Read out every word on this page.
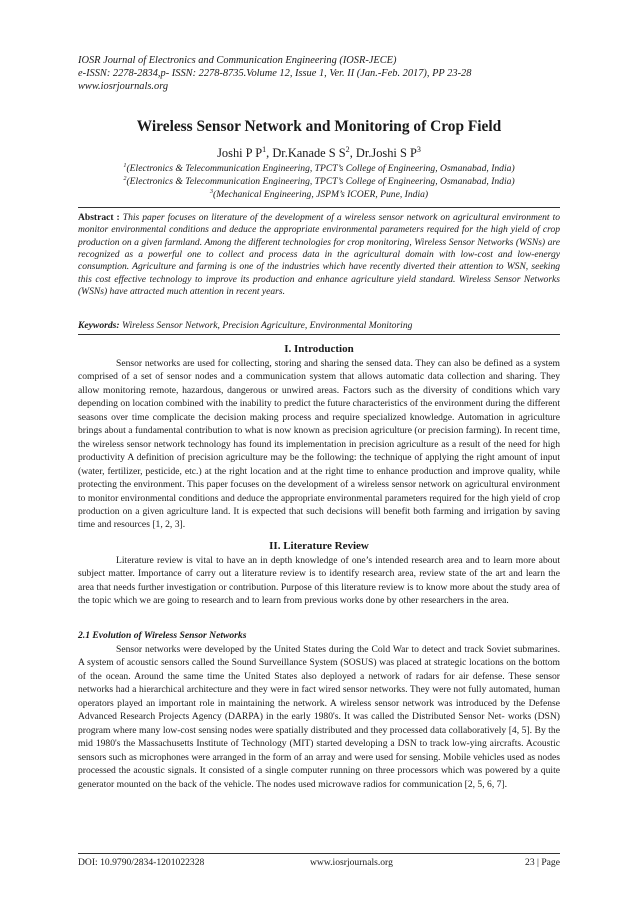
IOSR Journal of Electronics and Communication Engineering (IOSR-JECE)
e-ISSN: 2278-2834,p- ISSN: 2278-8735.Volume 12, Issue 1, Ver. II (Jan.-Feb. 2017), PP 23-28
www.iosrjournals.org
Wireless Sensor Network and Monitoring of Crop Field
Joshi P $P^1$, Dr.Kanade S $S^2$, Dr.Joshi S $P^3$
$^1$(Electronics & Telecommunication Engineering, TPCT’s College of Engineering, Osmanabad, India)
$^2$(Electronics & Telecommunication Engineering, TPCT’s College of Engineering, Osmanabad, India)
$^3$(Mechanical Engineering, JSPM’s ICOER, Pune, India)
Abstract : This paper focuses on literature of the development of a wireless sensor network on agricultural environment to monitor environmental conditions and deduce the appropriate environmental parameters required for the high yield of crop production on a given farmland. Among the different technologies for crop monitoring, Wireless Sensor Networks (WSNs) are recognized as a powerful one to collect and process data in the agricultural domain with low-cost and low-energy consumption. Agriculture and farming is one of the industries which have recently diverted their attention to WSN, seeking this cost effective technology to improve its production and enhance agriculture yield standard. Wireless Sensor Networks (WSNs) have attracted much attention in recent years.
Keywords: Wireless Sensor Network, Precision Agriculture, Environmental Monitoring
I. Introduction
Sensor networks are used for collecting, storing and sharing the sensed data. They can also be defined as a system comprised of a set of sensor nodes and a communication system that allows automatic data collection and sharing. They allow monitoring remote, hazardous, dangerous or unwired areas. Factors such as the diversity of conditions which vary depending on location combined with the inability to predict the future characteristics of the environment during the different seasons over time complicate the decision making process and require specialized knowledge. Automation in agriculture brings about a fundamental contribution to what is now known as precision agriculture (or precision farming). In recent time, the wireless sensor network technology has found its implementation in precision agriculture as a result of the need for high productivity A definition of precision agriculture may be the following: the technique of applying the right amount of input (water, fertilizer, pesticide, etc.) at the right location and at the right time to enhance production and improve quality, while protecting the environment. This paper focuses on the development of a wireless sensor network on agricultural environment to monitor environmental conditions and deduce the appropriate environmental parameters required for the high yield of crop production on a given agriculture land. It is expected that such decisions will benefit both farming and irrigation by saving time and resources [1, 2, 3].
II. Literature Review
Literature review is vital to have an in depth knowledge of one’s intended research area and to learn more about subject matter. Importance of carry out a literature review is to identify research area, review state of the art and learn the area that needs further investigation or contribution. Purpose of this literature review is to know more about the study area of the topic which we are going to research and to learn from previous works done by other researchers in the area.
2.1 Evolution of Wireless Sensor Networks
Sensor networks were developed by the United States during the Cold War to detect and track Soviet submarines. A system of acoustic sensors called the Sound Surveillance System (SOSUS) was placed at strategic locations on the bottom of the ocean. Around the same time the United States also deployed a network of radars for air defense. These sensor networks had a hierarchical architecture and they were in fact wired sensor networks. They were not fully automated, human operators played an important role in maintaining the network. A wireless sensor network was introduced by the Defense Advanced Research Projects Agency (DARPA) in the early 1980's. It was called the Distributed Sensor Net- works (DSN) program where many low-cost sensing nodes were spatially distributed and they processed data collaboratively [4, 5]. By the mid 1980's the Massachusetts Institute of Technology (MIT) started developing a DSN to track low-ying aircrafts. Acoustic sensors such as microphones were arranged in the form of an array and were used for sensing. Mobile vehicles used as nodes processed the acoustic signals. It consisted of a single computer running on three processors which was powered by a quite generator mounted on the back of the vehicle. The nodes used microwave radios for communication [2, 5, 6, 7].
DOI: 10.9790/2834-1201022328	www.iosrjournals.org	23 | Page
